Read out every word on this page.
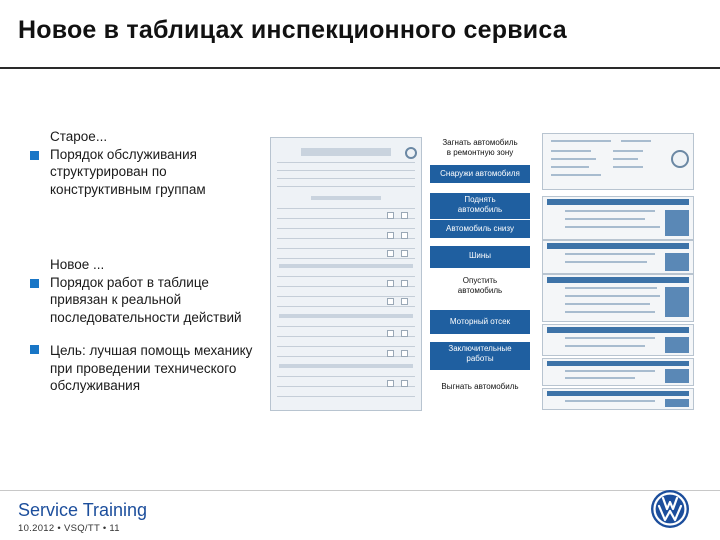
Новое в таблицах инспекционного сервиса
Старое...
Порядок обслуживания
структурирован по
конструктивным группам
Новое ...
Порядок работ в таблице
привязан к реальной
последовательности действий
Цель: лучшая помощь механику
при проведении технического
обслуживания
Загнать автомобиль
в ремонтную зону
Снаружи автомобиля
Поднять
автомобиль
Автомобиль снизу
Шины
Опустить
автомобиль
Моторный отсек
Заключительные
работы
Выгнать автомобиль
Service Training
10.2012 • VSQ/TT • 11
